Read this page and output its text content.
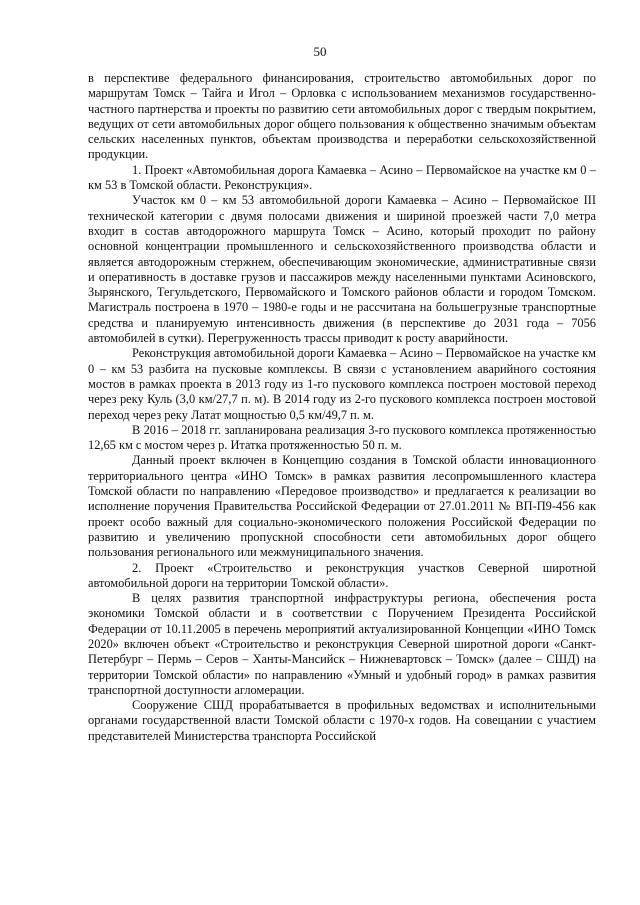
50

в перспективе федерального финансирования, строительство автомобильных дорог по маршрутам Томск – Тайга и Игол – Орловка с использованием механизмов государственно-частного партнерства и проекты по развитию сети автомобильных дорог с твердым покрытием, ведущих от сети автомобильных дорог общего пользования к общественно значимым объектам сельских населенных пунктов, объектам производства и переработки сельскохозяйственной продукции.

1. Проект «Автомобильная дорога Камаевка – Асино – Первомайское на участке км 0 – км 53 в Томской области. Реконструкция».

Участок км 0 – км 53 автомобильной дороги Камаевка – Асино – Первомайское III технической категории с двумя полосами движения и шириной проезжей части 7,0 метра входит в состав автодорожного маршрута Томск – Асино, который проходит по району основной концентрации промышленного и сельскохозяйственного производства области и является автодорожным стержнем, обеспечивающим экономические, административные связи и оперативность в доставке грузов и пассажиров между населенными пунктами Асиновского, Зырянского, Тегульдетского, Первомайского и Томского районов области и городом Томском. Магистраль построена в 1970 – 1980-е годы и не рассчитана на большегрузные транспортные средства и планируемую интенсивность движения (в перспективе до 2031 года – 7056 автомобилей в сутки). Перегруженность трассы приводит к росту аварийности.

Реконструкция автомобильной дороги Камаевка – Асино – Первомайское на участке км 0 – км 53 разбита на пусковые комплексы. В связи с установлением аварийного состояния мостов в рамках проекта в 2013 году из 1-го пускового комплекса построен мостовой переход через реку Куль (3,0 км/27,7 п. м). В 2014 году из 2-го пускового комплекса построен мостовой переход через реку Латат мощностью 0,5 км/49,7 п. м.

В 2016 – 2018 гг. запланирована реализация 3-го пускового комплекса протяженностью 12,65 км с мостом через р. Итатка протяженностью 50 п. м.

Данный проект включен в Концепцию создания в Томской области инновационного территориального центра «ИНО Томск» в рамках развития лесопромышленного кластера Томской области по направлению «Передовое производство» и предлагается к реализации во исполнение поручения Правительства Российской Федерации от 27.01.2011 № ВП-П9-456 как проект особо важный для социально-экономического положения Российской Федерации по развитию и увеличению пропускной способности сети автомобильных дорог общего пользования регионального или межмуниципального значения.

2. Проект «Строительство и реконструкция участков Северной широтной автомобильной дороги на территории Томской области».

В целях развития транспортной инфраструктуры региона, обеспечения роста экономики Томской области и в соответствии с Поручением Президента Российской Федерации от 10.11.2005 в перечень мероприятий актуализированной Концепции «ИНО Томск 2020» включен объект «Строительство и реконструкция Северной широтной дороги «Санкт-Петербург – Пермь – Серов – Ханты-Мансийск – Нижневартовск – Томск» (далее – СШД) на территории Томской области» по направлению «Умный и удобный город» в рамках развития транспортной доступности агломерации.

Сооружение СШД прорабатывается в профильных ведомствах и исполнительными органами государственной власти Томской области с 1970-х годов. На совещании с участием представителей Министерства транспорта Российской
